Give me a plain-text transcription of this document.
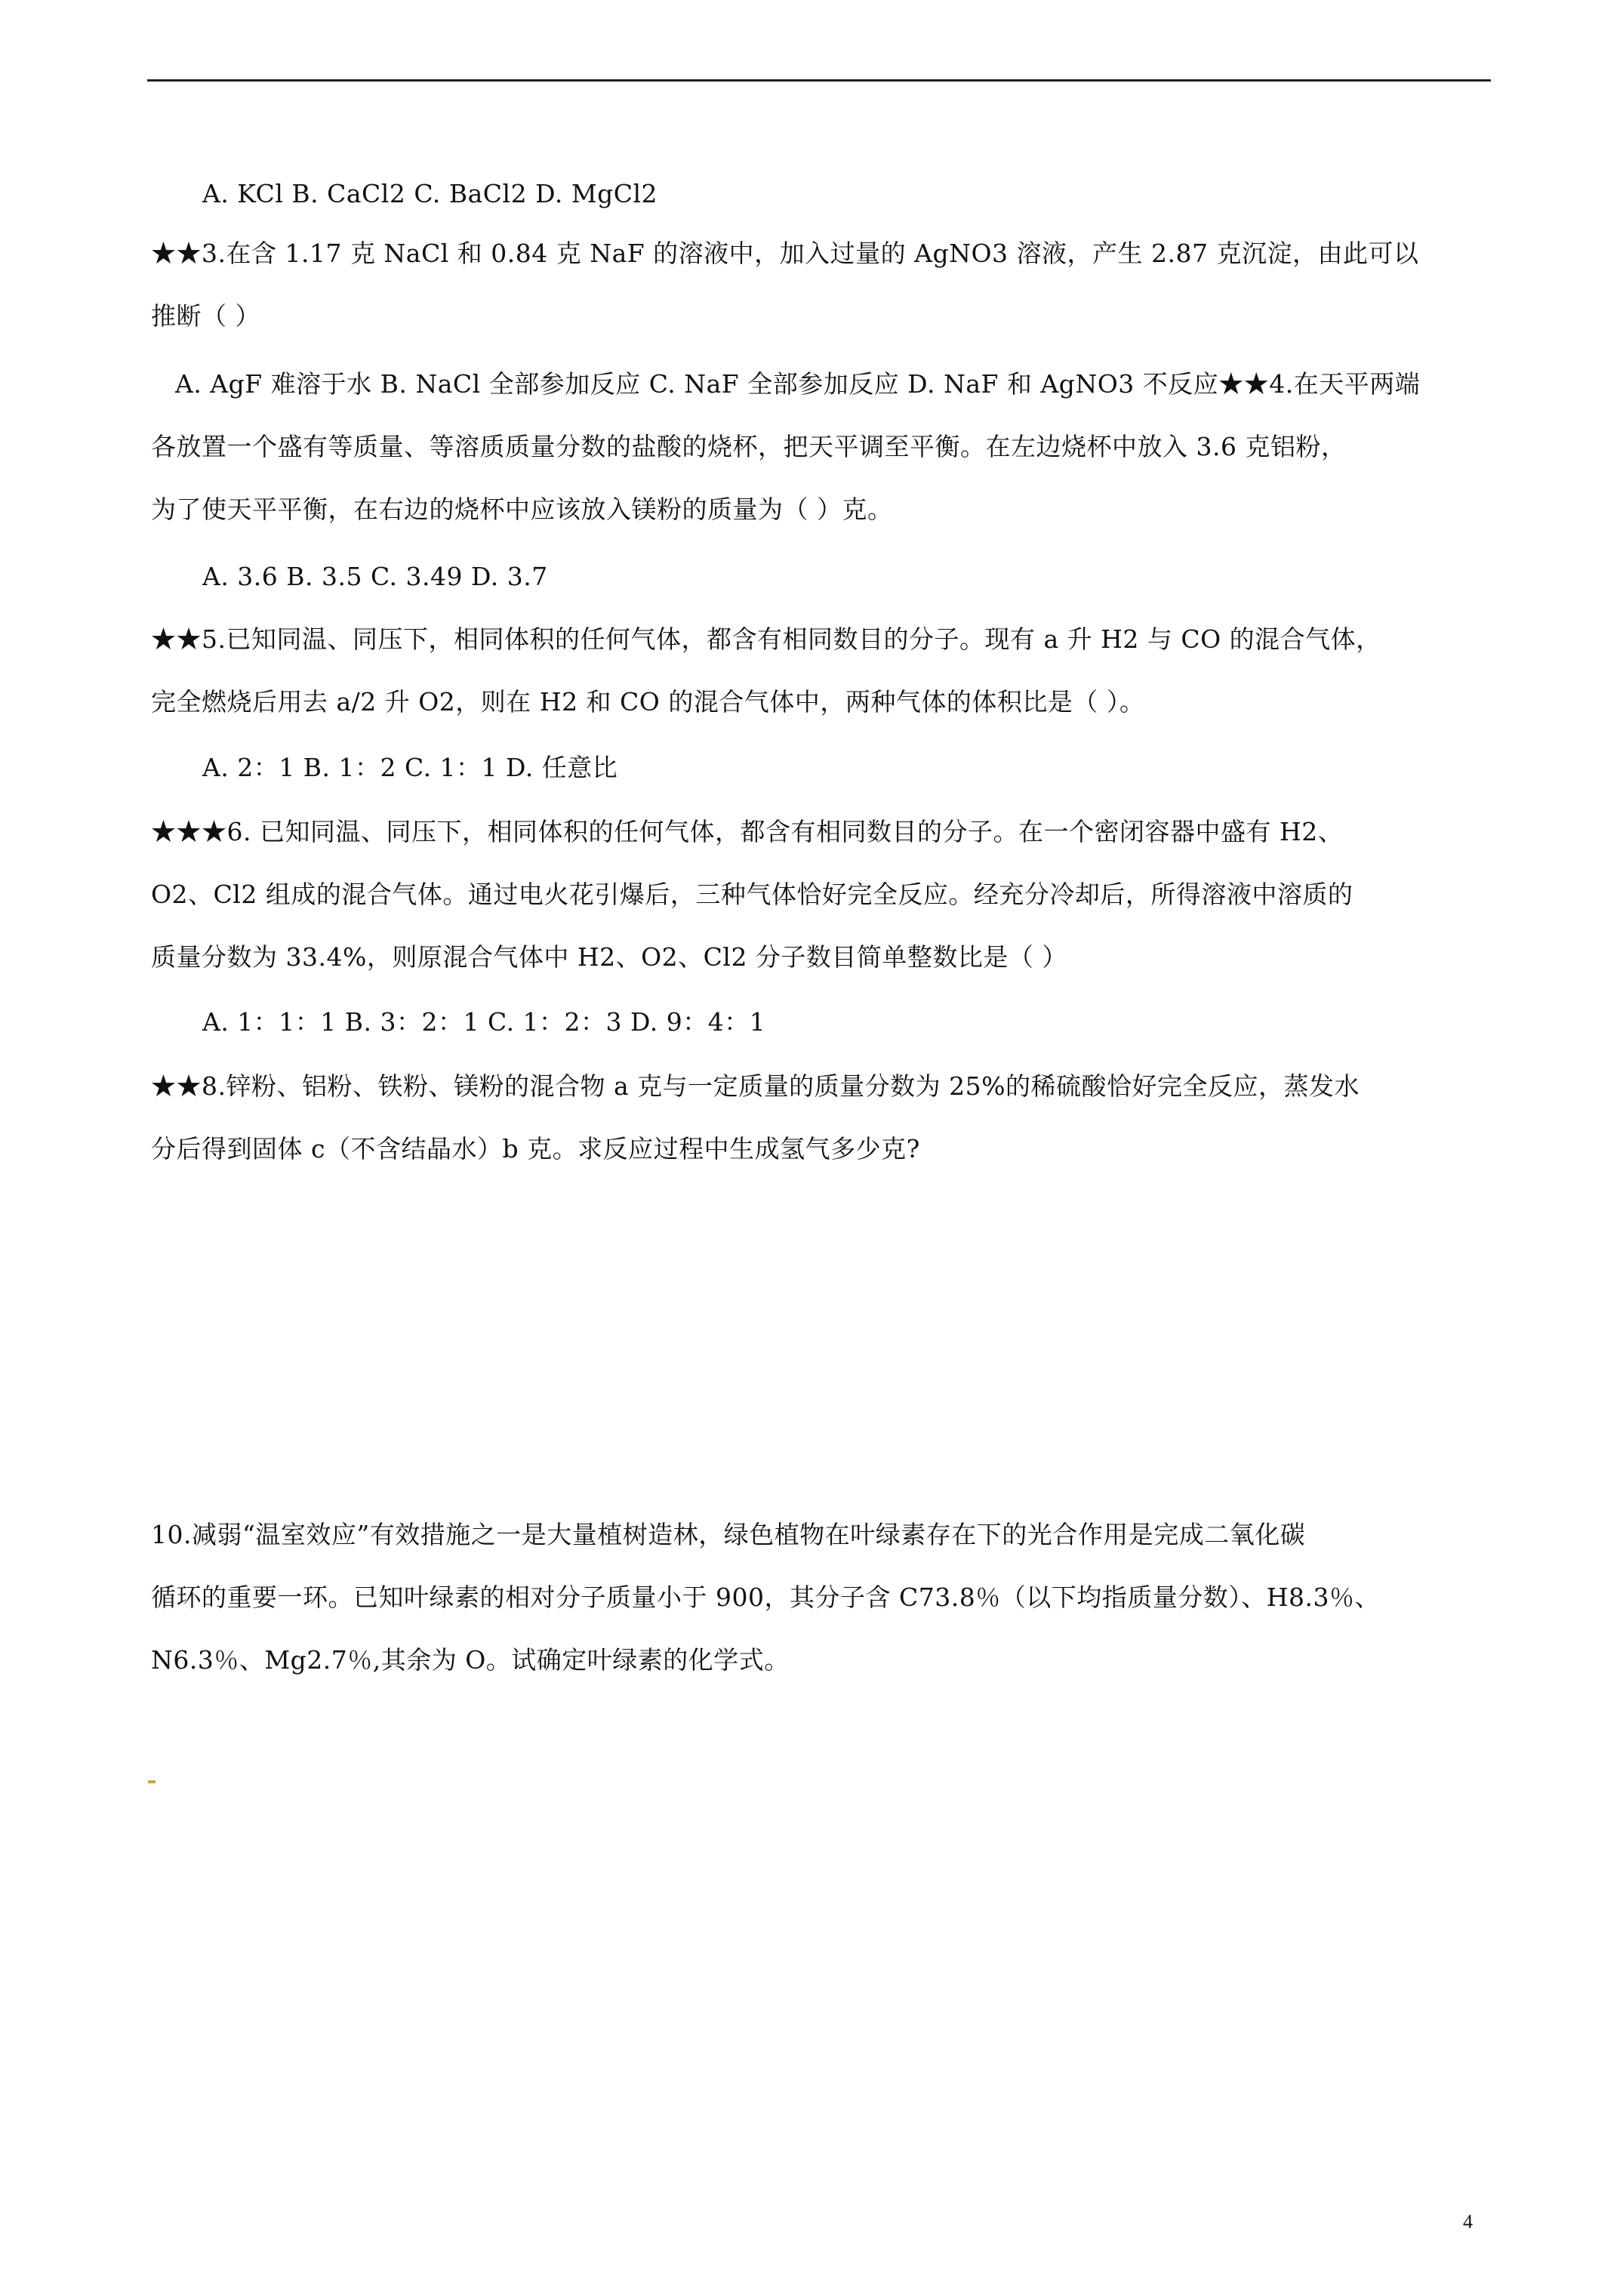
A. KCl B. CaCl2 C. BaCl2 D. MgCl2
★★3.在含 1.17 克 NaCl 和 0.84 克 NaF 的溶液中，加入过量的 AgNO3 溶液，产生 2.87 克沉淀，由此可以
推断（ ）
A. AgF 难溶于水 B. NaCl 全部参加反应 C. NaF 全部参加反应 D. NaF 和 AgNO3 不反应★★4.在天平两端
各放置一个盛有等质量、等溶质质量分数的盐酸的烧杯，把天平调至平衡。在左边烧杯中放入 3.6 克铝粉，
为了使天平平衡，在右边的烧杯中应该放入镁粉的质量为（ ）克。
A. 3.6 B. 3.5 C. 3.49 D. 3.7
★★5.已知同温、同压下，相同体积的任何气体，都含有相同数目的分子。现有 a 升 H2 与 CO 的混合气体，
完全燃烧后用去 a/2 升 O2，则在 H2 和 CO 的混合气体中，两种气体的体积比是（ ）。
A. 2：1 B. 1：2 C. 1：1 D. 任意比
★★★6. 已知同温、同压下，相同体积的任何气体，都含有相同数目的分子。在一个密闭容器中盛有 H2、
O2、Cl2 组成的混合气体。通过电火花引爆后，三种气体恰好完全反应。经充分冷却后，所得溶液中溶质的
质量分数为 33.4%，则原混合气体中 H2、O2、Cl2 分子数目简单整数比是（ ）
A. 1：1：1 B. 3：2：1 C. 1：2：3 D. 9：4：1
★★8.锌粉、铝粉、铁粉、镁粉的混合物 a 克与一定质量的质量分数为 25%的稀硫酸恰好完全反应，蒸发水
分后得到固体 c（不含结晶水）b 克。求反应过程中生成氢气多少克?
10.减弱“温室效应”有效措施之一是大量植树造林，绿色植物在叶绿素存在下的光合作用是完成二氧化碳
循环的重要一环。已知叶绿素的相对分子质量小于 900，其分子含 C73.8％（以下均指质量分数）、H8.3％、
N6.3％、Mg2.7％,其余为 O。试确定叶绿素的化学式。
4
